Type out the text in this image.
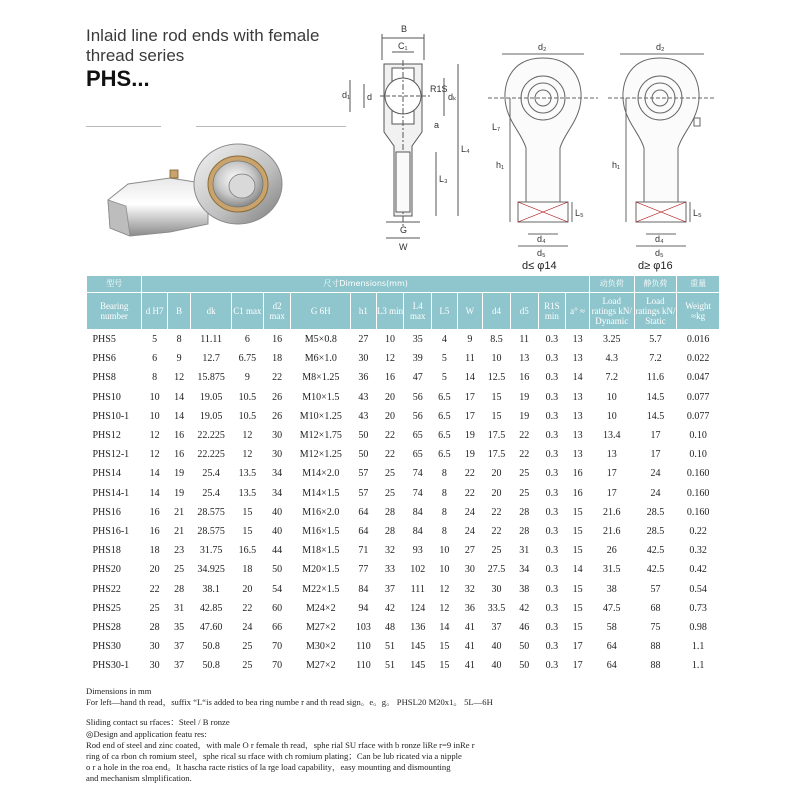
Inlaid line rod ends with female
thread series
PHS...
B
C₁
R1S
d₁ d	dₖ
a
L₄
L₃
G
W
d₂
L₇
h₁
L₅
d₄
d₅
d≤ φ14
d₂
h₁
L₅
d₄
d₅
d≥ φ16
型号	尺寸Dimensions(mm)															动负荷	静负荷	重量
Bearing number	d H7	B	dk	C1 max	d2 max	G 6H	h1	L3 min	L4 max	L5	W	d4	d5	R1S min	a° ≈	Load ratings kN/ Dynamic	Load ratings kN/ Static	Weight ≈kg
PHS5	5	8	11.11	6	16	M5×0.8	27	10	35	4	9	8.5	11	0.3	13	3.25	5.7	0.016
PHS6	6	9	12.7	6.75	18	M6×1.0	30	12	39	5	11	10	13	0.3	13	4.3	7.2	0.022
PHS8	8	12	15.875	9	22	M8×1.25	36	16	47	5	14	12.5	16	0.3	14	7.2	11.6	0.047
PHS10	10	14	19.05	10.5	26	M10×1.5	43	20	56	6.5	17	15	19	0.3	13	10	14.5	0.077
PHS10-1	10	14	19.05	10.5	26	M10×1.25	43	20	56	6.5	17	15	19	0.3	13	10	14.5	0.077
PHS12	12	16	22.225	12	30	M12×1.75	50	22	65	6.5	19	17.5	22	0.3	13	13.4	17	0.10
PHS12-1	12	16	22.225	12	30	M12×1.25	50	22	65	6.5	19	17.5	22	0.3	13	13	17	0.10
PHS14	14	19	25.4	13.5	34	M14×2.0	57	25	74	8	22	20	25	0.3	16	17	24	0.160
PHS14-1	14	19	25.4	13.5	34	M14×1.5	57	25	74	8	22	20	25	0.3	16	17	24	0.160
PHS16	16	21	28.575	15	40	M16×2.0	64	28	84	8	24	22	28	0.3	15	21.6	28.5	0.160
PHS16-1	16	21	28.575	15	40	M16×1.5	64	28	84	8	24	22	28	0.3	15	21.6	28.5	0.22
PHS18	18	23	31.75	16.5	44	M18×1.5	71	32	93	10	27	25	31	0.3	15	26	42.5	0.32
PHS20	20	25	34.925	18	50	M20×1.5	77	33	102	10	30	27.5	34	0.3	14	31.5	42.5	0.42
PHS22	22	28	38.1	20	54	M22×1.5	84	37	111	12	32	30	38	0.3	15	38	57	0.54
PHS25	25	31	42.85	22	60	M24×2	94	42	124	12	36	33.5	42	0.3	15	47.5	68	0.73
PHS28	28	35	47.60	24	66	M27×2	103	48	136	14	41	37	46	0.3	15	58	75	0.98
PHS30	30	37	50.8	25	70	M30×2	110	51	145	15	41	40	50	0.3	17	64	88	1.1
PHS30-1	30	37	50.8	25	70	M27×2	110	51	145	15	41	40	50	0.3	17	64	88	1.1

Dimensions in mm

For left—hand th read，suffix “L“is added to bea ring numbe r and th read sign。e。g。 PHSL20 M20x1。 5L—6H

Sliding contact su rfaces：Steel / B ronze

◎Design and application featu res:

Rod end of steel and zinc coated，with male O r female th read，sphe rial SU rface with b ronze liRe r=9 inRe r

ring of ca rbon ch romium steel，sphe rical su rface with ch romium plating；Can be lub ricated via a nipple

o r a hole in the roa end。It hascha racte ristics of la rge load capability，easy mounting and dismounting

and mechanism slmplification.
